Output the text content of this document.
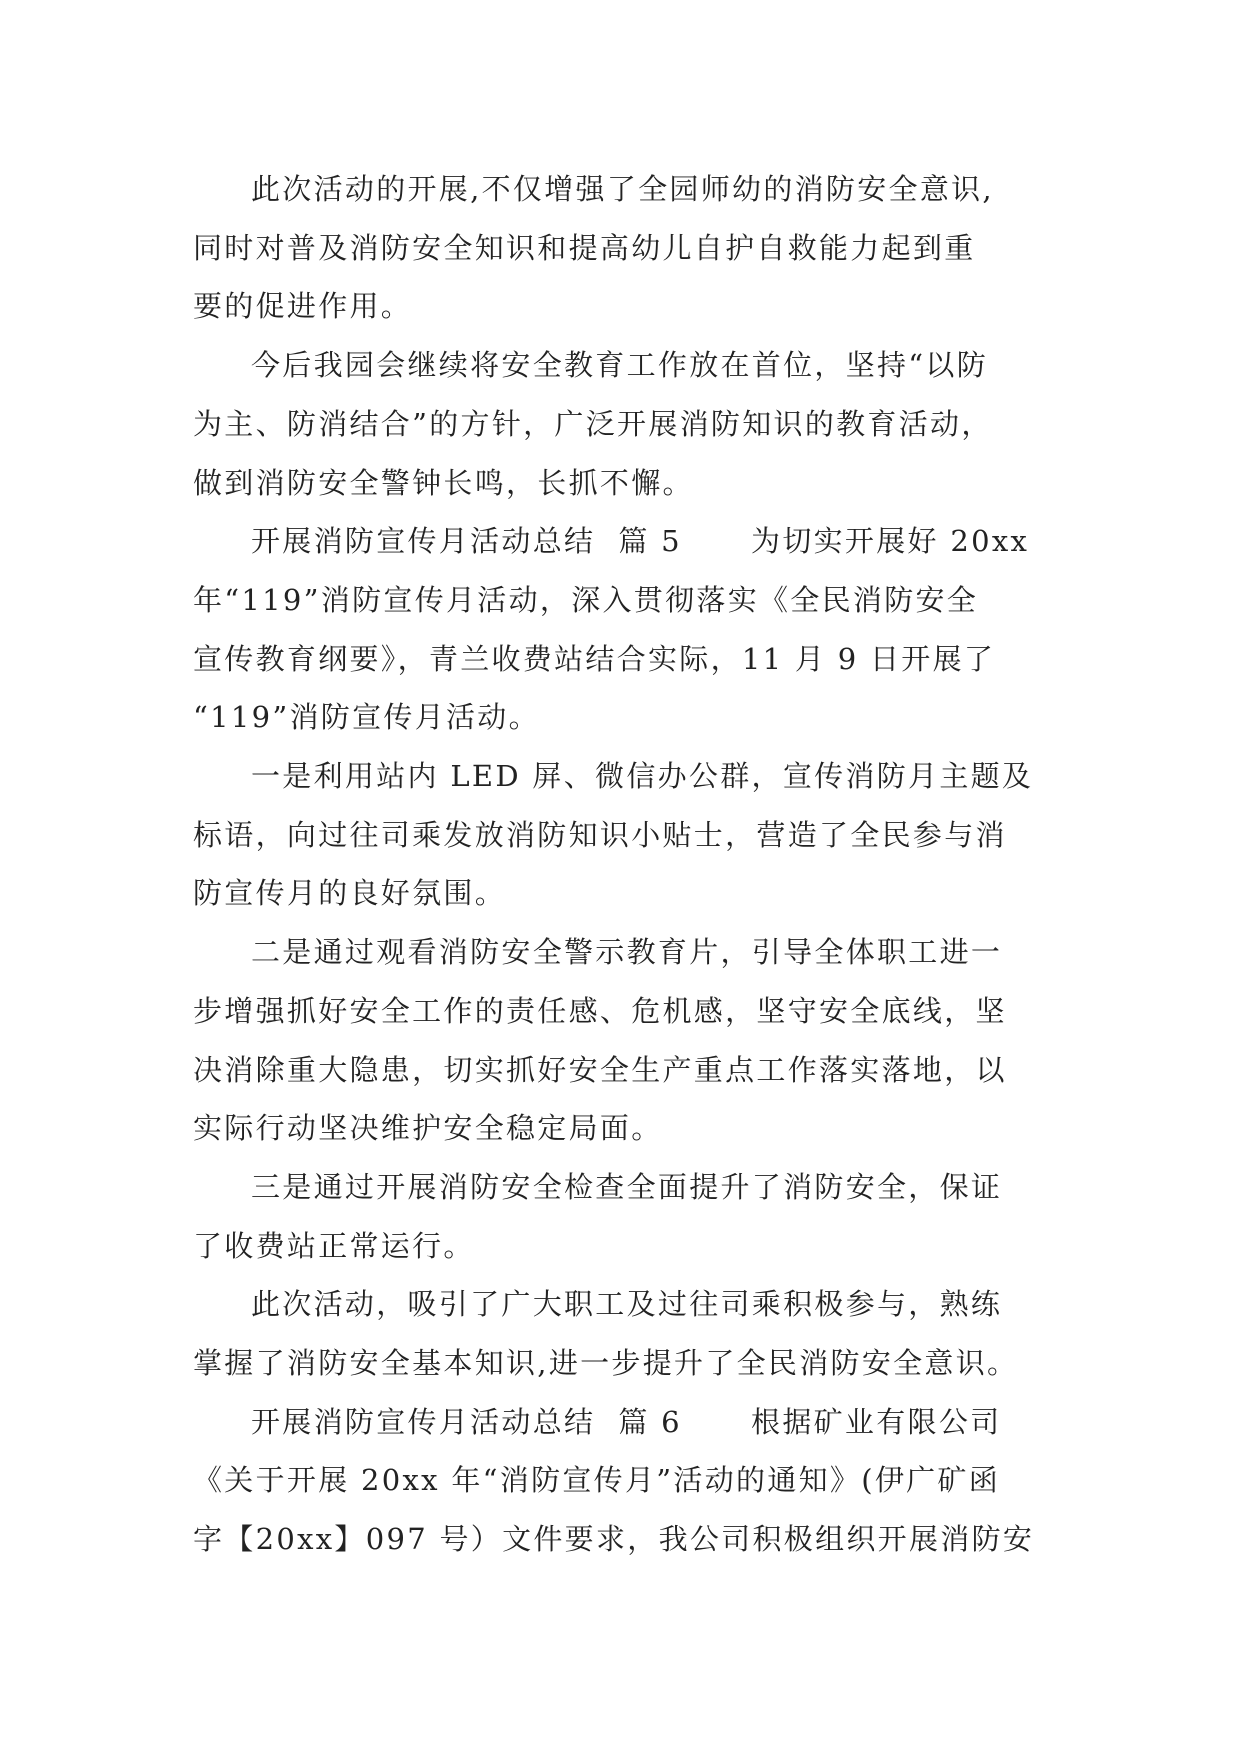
此次活动的开展,不仅增强了全园师幼的消防安全意识,
同时对普及消防安全知识和提高幼儿自护自救能力起到重
要的促进作用。

今后我园会继续将安全教育工作放在首位，坚持“以防
为主、防消结合”的方针，广泛开展消防知识的教育活动，
做到消防安全警钟长鸣，长抓不懈。

开展消防宣传月活动总结  篇 5      为切实开展好 20xx
年“119”消防宣传月活动，深入贯彻落实《全民消防安全
宣传教育纲要》，青兰收费站结合实际，11 月 9 日开展了
“119”消防宣传月活动。

一是利用站内 LED 屏、微信办公群，宣传消防月主题及
标语，向过往司乘发放消防知识小贴士，营造了全民参与消
防宣传月的良好氛围。

二是通过观看消防安全警示教育片，引导全体职工进一
步增强抓好安全工作的责任感、危机感，坚守安全底线，坚
决消除重大隐患，切实抓好安全生产重点工作落实落地，以
实际行动坚决维护安全稳定局面。

三是通过开展消防安全检查全面提升了消防安全，保证
了收费站正常运行。

此次活动，吸引了广大职工及过往司乘积极参与，熟练
掌握了消防安全基本知识,进一步提升了全民消防安全意识。

开展消防宣传月活动总结  篇 6      根据矿业有限公司
《关于开展 20xx 年“消防宣传月”活动的通知》(伊广矿函
字【20xx】097 号）文件要求，我公司积极组织开展消防安
